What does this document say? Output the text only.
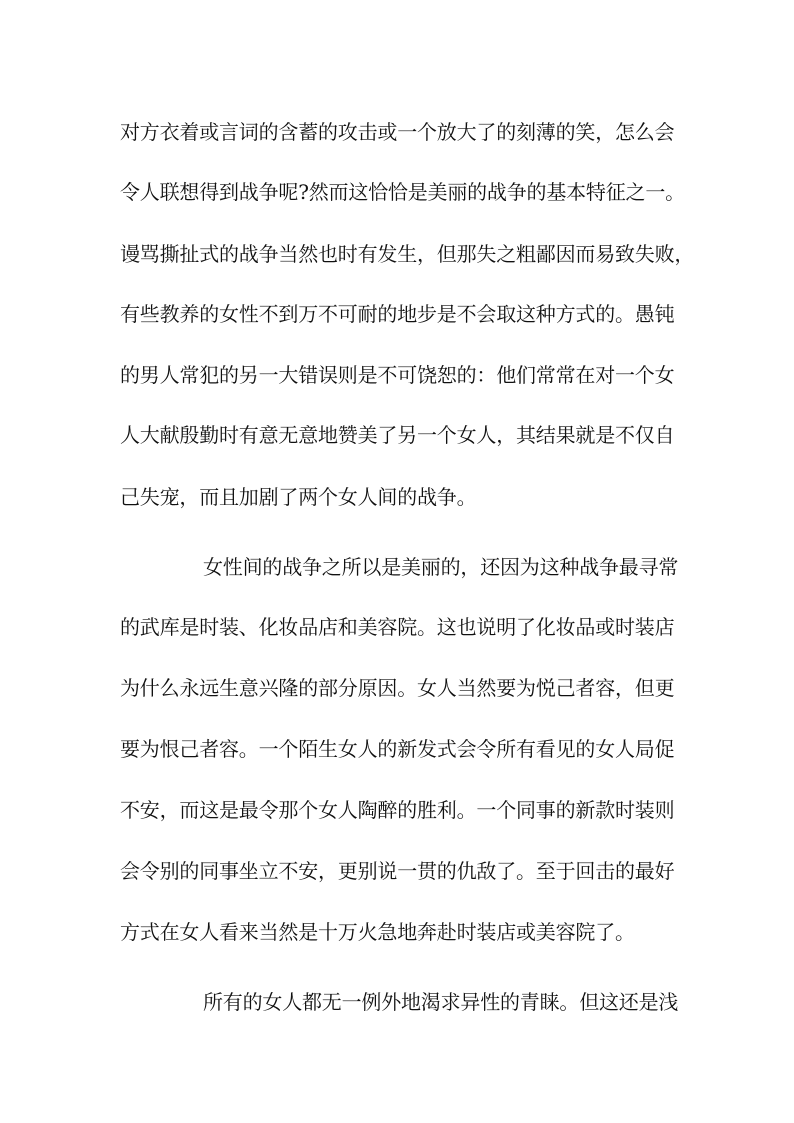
对方衣着或言词的含蓄的攻击或一个放大了的刻薄的笑，怎么会
令人联想得到战争呢?然而这恰恰是美丽的战争的基本特征之一。
谩骂撕扯式的战争当然也时有发生，但那失之粗鄙因而易致失败，
有些教养的女性不到万不可耐的地步是不会取这种方式的。愚钝
的男人常犯的另一大错误则是不可饶恕的：他们常常在对一个女
人大献殷勤时有意无意地赞美了另一个女人，其结果就是不仅自
己失宠，而且加剧了两个女人间的战争。
女性间的战争之所以是美丽的，还因为这种战争最寻常
的武库是时装、化妆品店和美容院。这也说明了化妆品或时装店
为什么永远生意兴隆的部分原因。女人当然要为悦己者容，但更
要为恨己者容。一个陌生女人的新发式会令所有看见的女人局促
不安，而这是最令那个女人陶醉的胜利。一个同事的新款时装则
会令别的同事坐立不安，更别说一贯的仇敌了。至于回击的最好
方式在女人看来当然是十万火急地奔赴时装店或美容院了。
所有的女人都无一例外地渴求异性的青睐。但这还是浅
